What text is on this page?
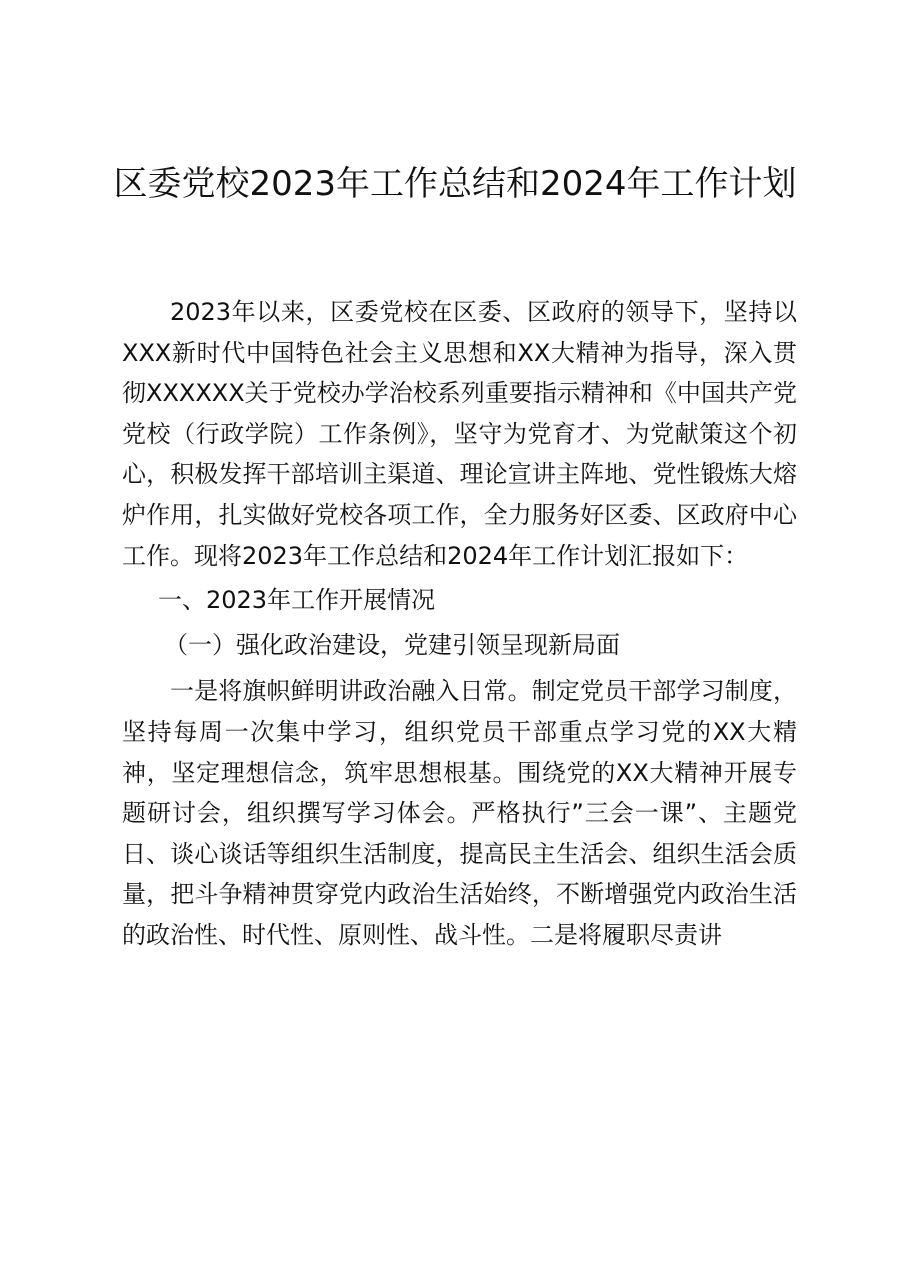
区委党校2023年工作总结和2024年工作计划

2023年以来，区委党校在区委、区政府的领导下，坚持以XXX新时代中国特色社会主义思想和XX大精神为指导，深入贯彻XXXXXX关于党校办学治校系列重要指示精神和《中国共产党党校（行政学院）工作条例》，坚守为党育才、为党献策这个初心，积极发挥干部培训主渠道、理论宣讲主阵地、党性锻炼大熔炉作用，扎实做好党校各项工作，全力服务好区委、区政府中心工作。现将2023年工作总结和2024年工作计划汇报如下：

一、2023年工作开展情况

（一）强化政治建设，党建引领呈现新局面

一是将旗帜鲜明讲政治融入日常。制定党员干部学习制度，坚持每周一次集中学习，组织党员干部重点学习党的XX大精神，坚定理想信念，筑牢思想根基。围绕党的XX大精神开展专题研讨会，组织撰写学习体会。严格执行”三会一课”、主题党日、谈心谈话等组织生活制度，提高民主生活会、组织生活会质量，把斗争精神贯穿党内政治生活始终，不断增强党内政治生活的政治性、时代性、原则性、战斗性。二是将履职尽责讲
